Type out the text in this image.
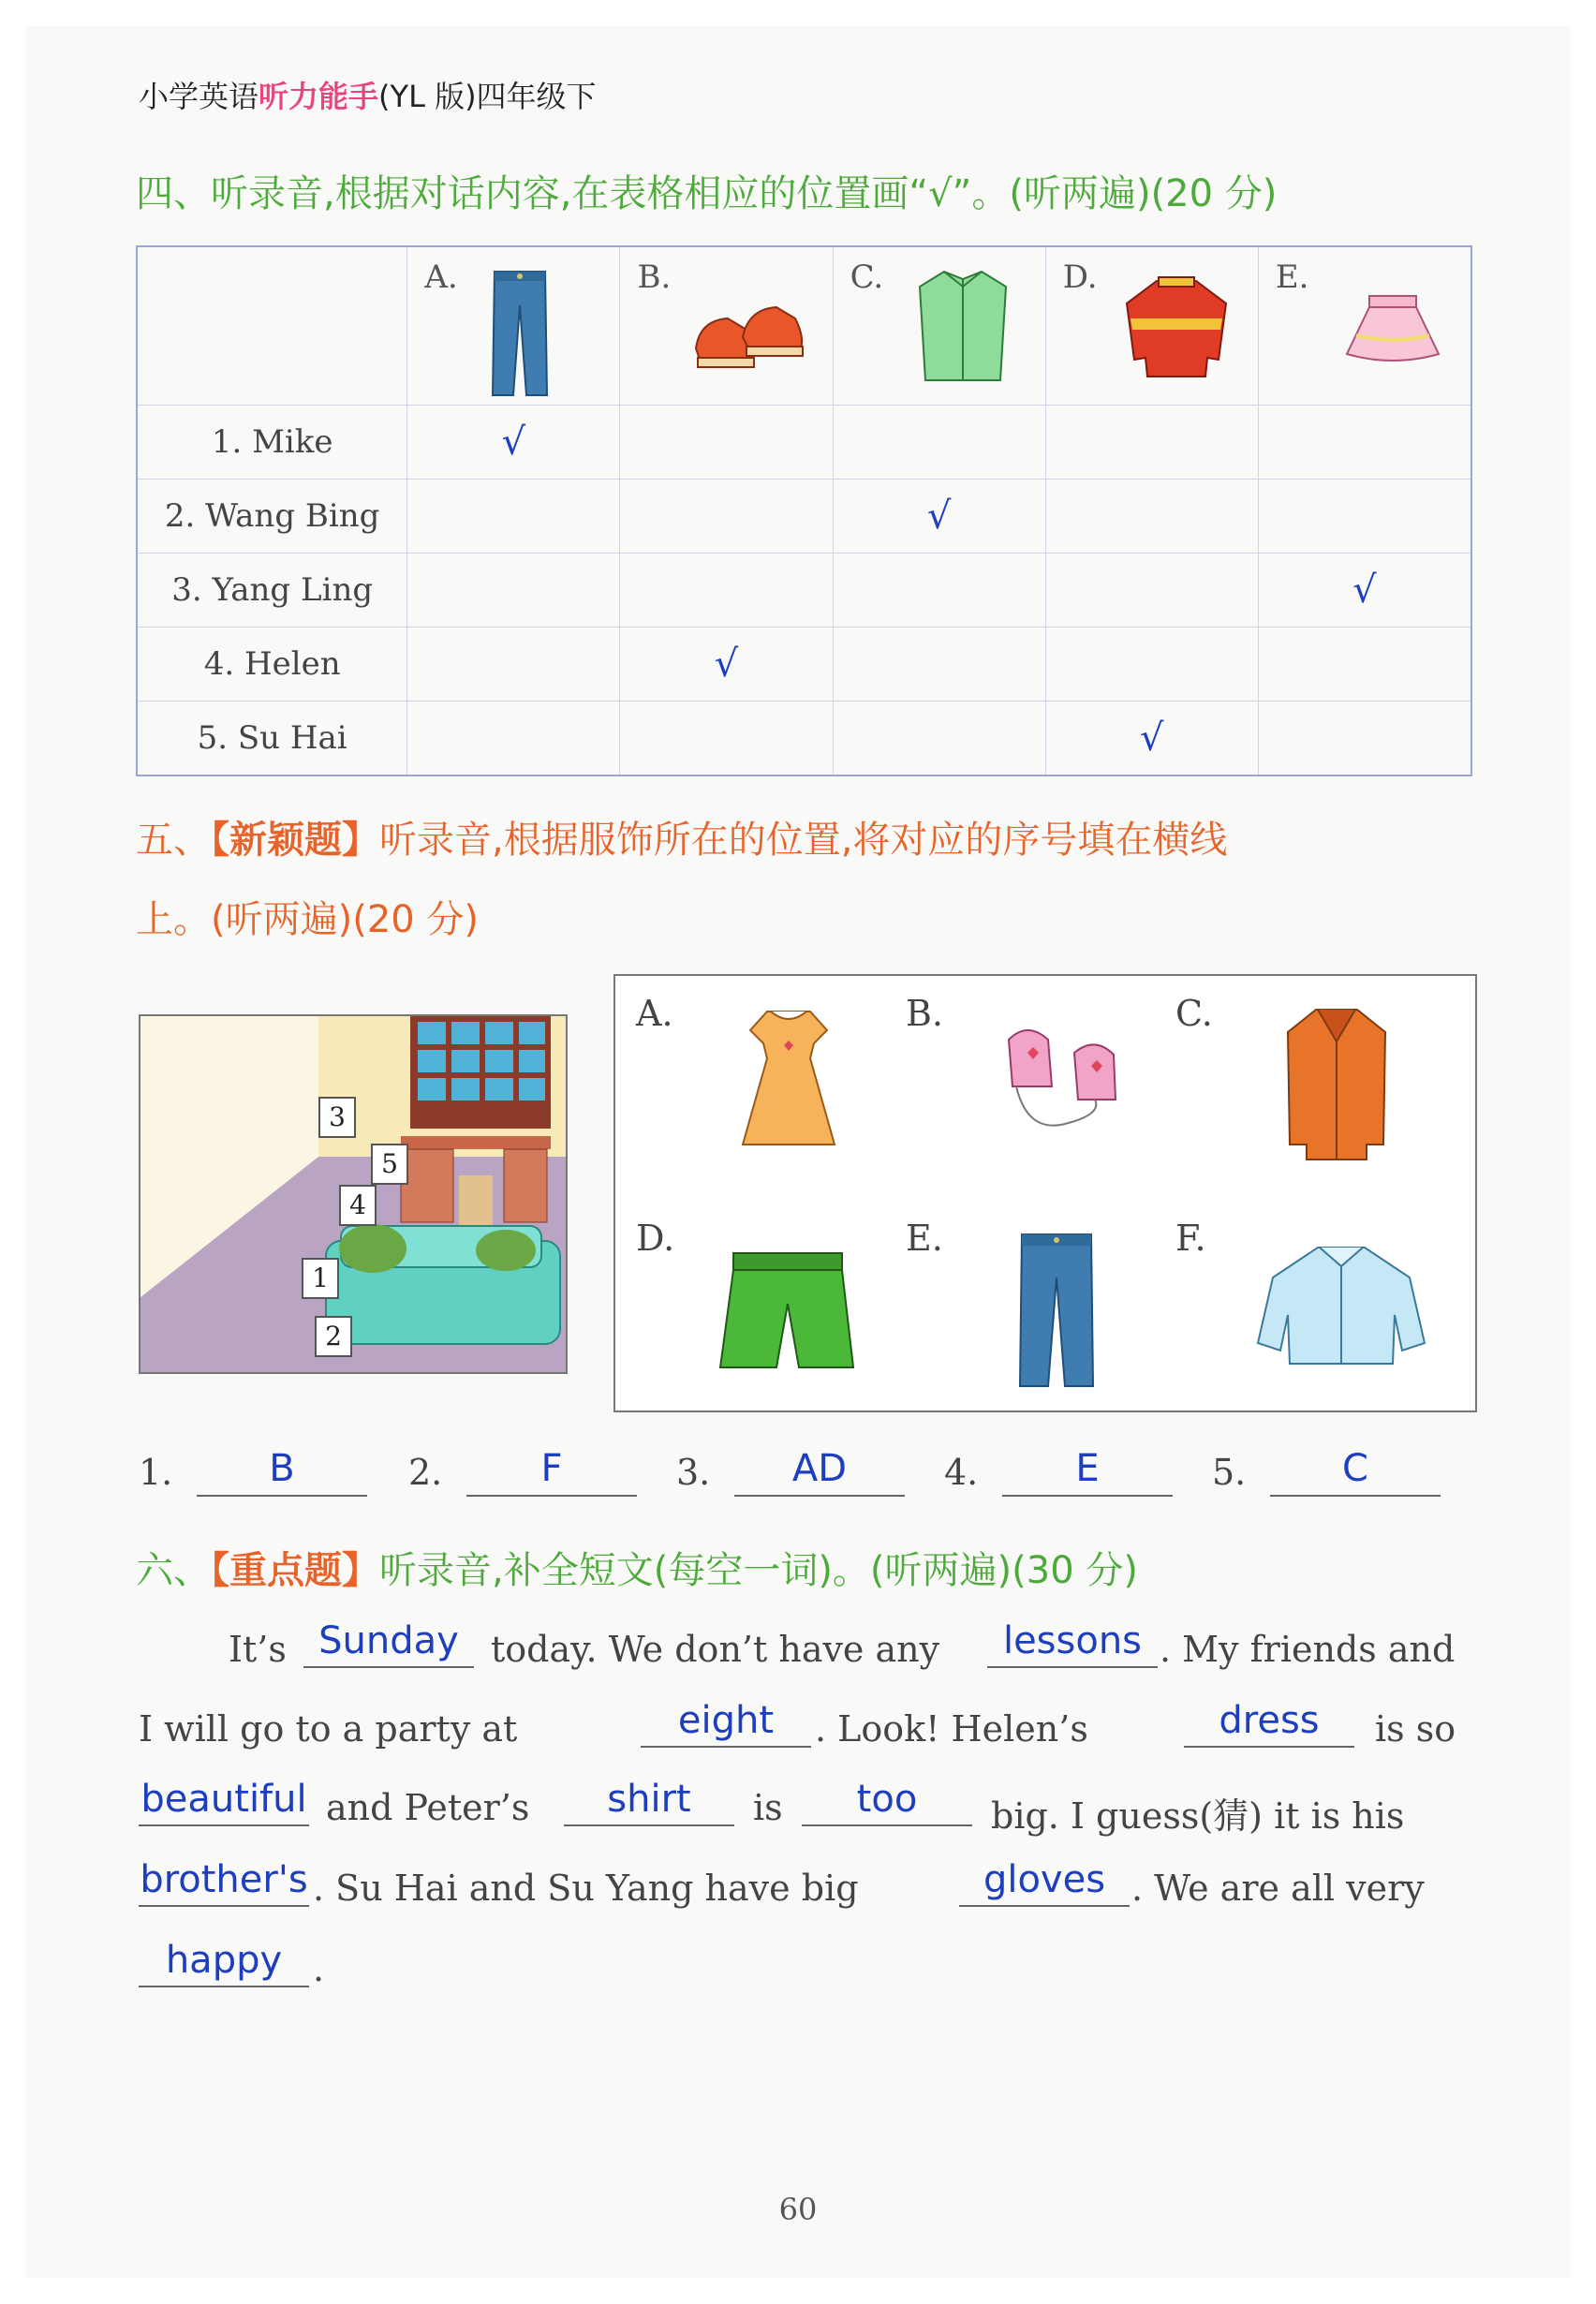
小学英语听力能手(YL 版)四年级下
四、听录音,根据对话内容,在表格相应的位置画“√”。(听两遍)(20 分)

	A.	B.	C.	D.	E.

1. Mike	√				

2. Wang Bing			√		

3. Yang Ling					√

4. Helen		√			

5. Su Hai				√	

五、【新颖题】听录音,根据服饰所在的位置,将对应的序号填在横线
上。(听两遍)(20 分)
1
2
3
4
5
A.	B.	C.
D.	E.	F.
1.	B	2.	F	3.	AD	4.	E	5.	C
六、【重点题】听录音,补全短文(每空一词)。(听两遍)(30 分)
It’s Sunday today. We don’t have any	lessons . My friends and
I will go to a party at	eight	. Look! Helen’s	dress	is so
beautiful and Peter’s	shirt	is	too	big. I guess(猜) it is his
brother's . Su Hai and Su Yang have big	gloves . We are all very
happy .
60
